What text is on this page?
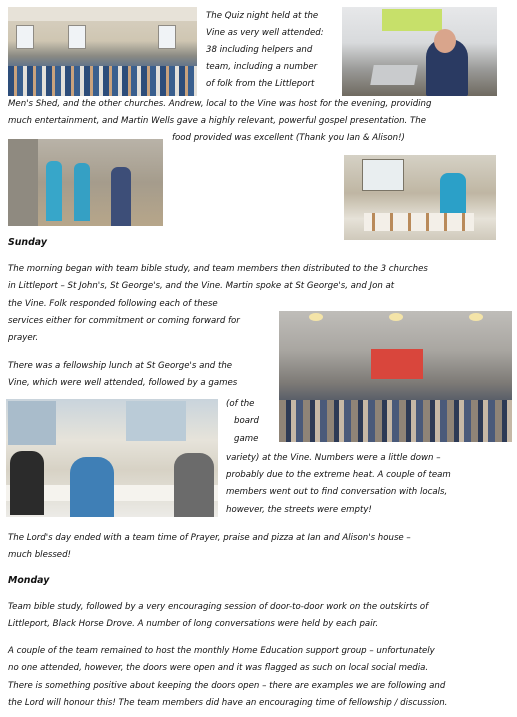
The Quiz night held at the
Vine as very well attended:
38 including helpers and
team, including a number
of folk from the Littleport
Men's Shed, and the other churches. Andrew, local to the Vine was host for the evening, providing
much entertainment, and Martin Wells gave a highly relevant, powerful gospel presentation. The
food provided was excellent (Thank you Ian & Alison!)
Sunday
The morning began with team bible study, and team members then distributed to the 3 churches
in Littleport – St John's, St George's, and the Vine. Martin spoke at St George's, and Jon at
the Vine. Folk responded following each of these
services either for commitment or coming forward for
prayer.
There was a fellowship lunch at St George's and the
Vine, which were well attended, followed by a games
(of the
board
game
variety) at the Vine. Numbers were a little down –
probably due to the extreme heat. A couple of team
members went out to find conversation with locals,
however, the streets were empty!
The Lord's day ended with a team time of Prayer, praise and pizza at Ian and Alison's house –
much blessed!
Monday
Team bible study, followed by a very encouraging session of door-to-door work on the outskirts of
Littleport, Black Horse Drove. A number of long conversations were held by each pair.
A couple of the team remained to host the monthly Home Education support group – unfortunately
no one attended, however, the doors were open and it was flagged as such on local social media.
There is something positive about keeping the doors open – there are examples we are following and
the Lord will honour this! The team members did have an encouraging time of fellowship / discussion.
